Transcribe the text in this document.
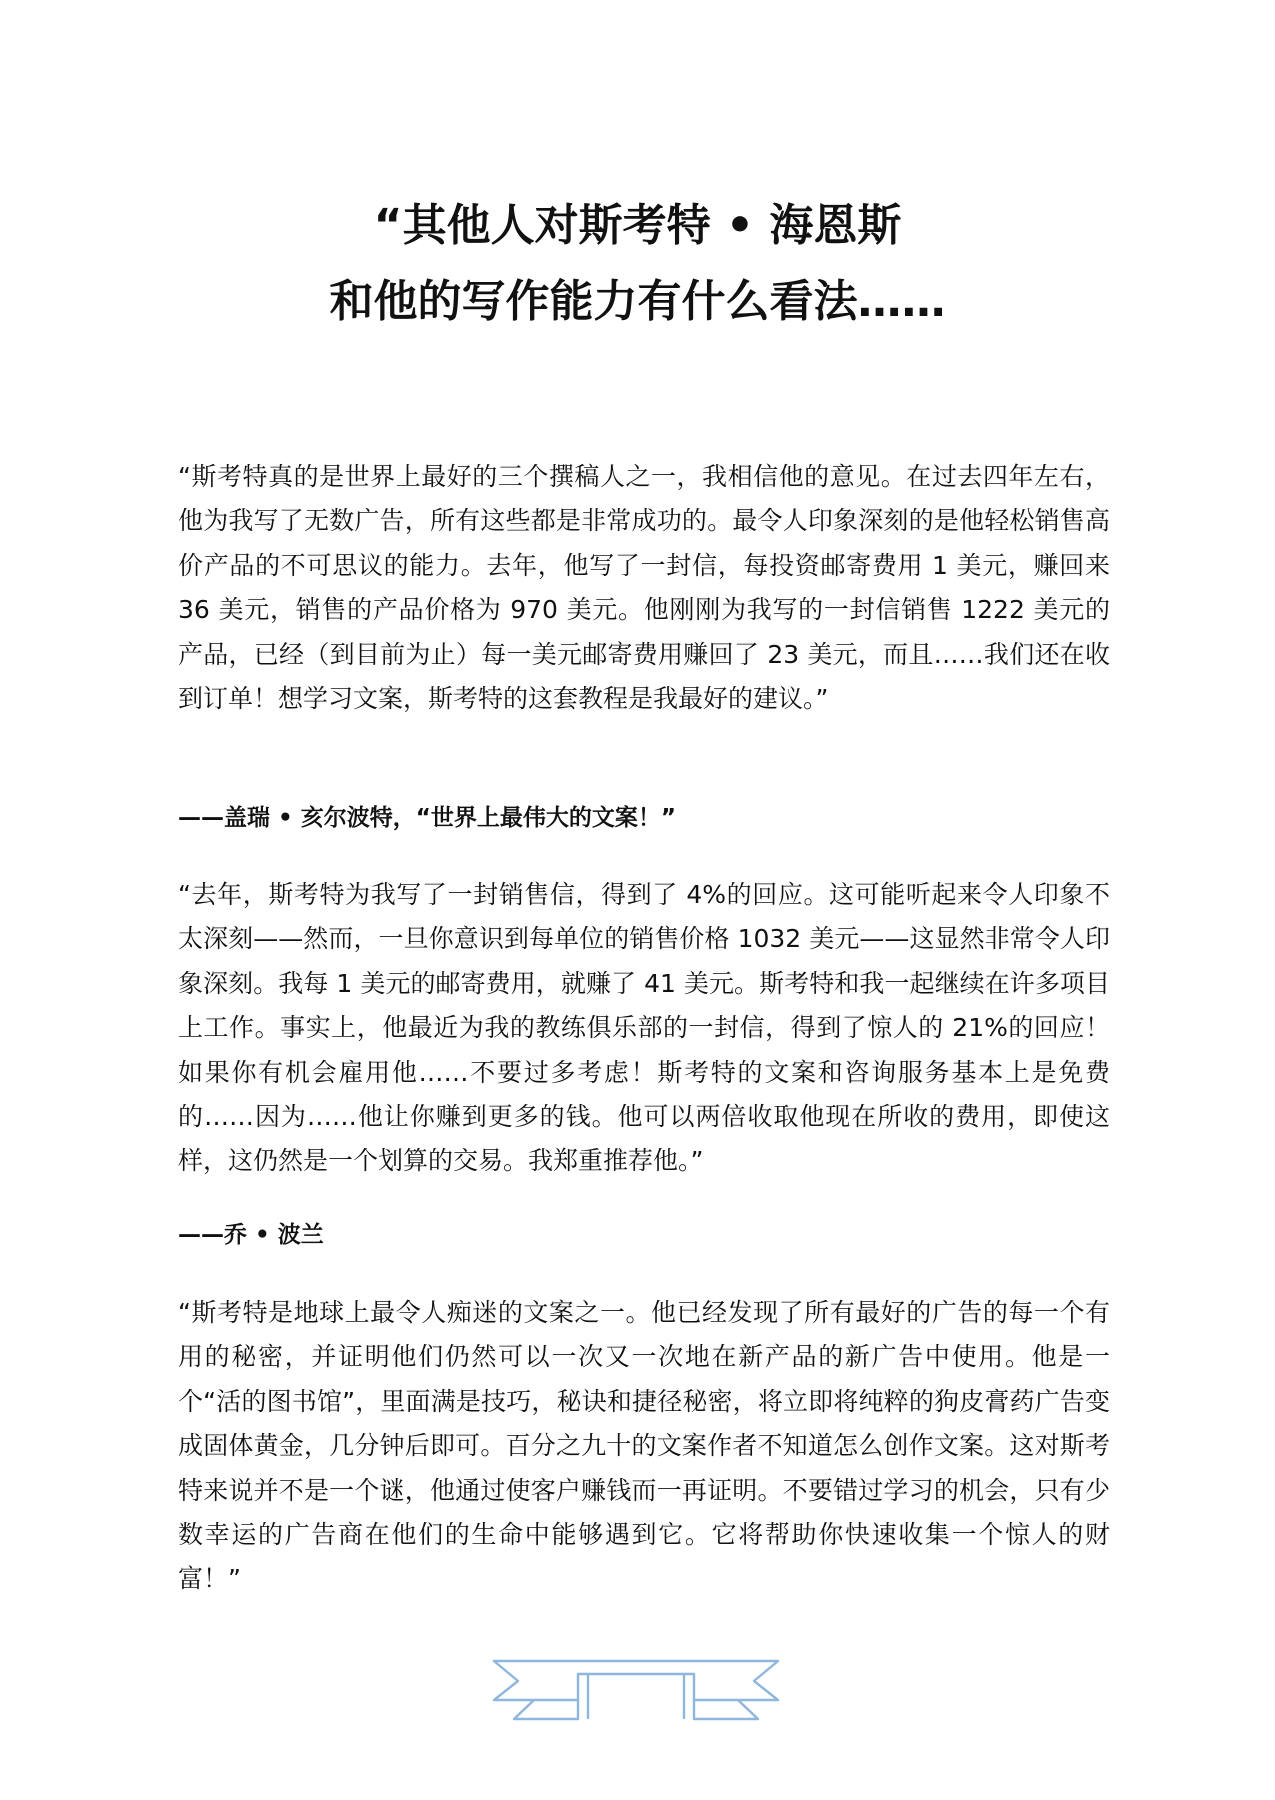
“其他人对斯考特 • 海恩斯
和他的写作能力有什么看法……

“斯考特真的是世界上最好的三个撰稿人之一，我相信他的意见。在过去四年左右，他为我写了无数广告，所有这些都是非常成功的。最令人印象深刻的是他轻松销售高价产品的不可思议的能力。去年，他写了一封信，每投资邮寄费用 1 美元，赚回来 36 美元，销售的产品价格为 970 美元。他刚刚为我写的一封信销售 1222 美元的产品，已经（到目前为止）每一美元邮寄费用赚回了 23 美元，而且……我们还在收到订单！想学习文案，斯考特的这套教程是我最好的建议。”

——盖瑞 • 亥尔波特，“世界上最伟大的文案！”

“去年，斯考特为我写了一封销售信，得到了 4%的回应。这可能听起来令人印象不太深刻——然而，一旦你意识到每单位的销售价格 1032 美元——这显然非常令人印象深刻。我每 1 美元的邮寄费用，就赚了 41 美元。斯考特和我一起继续在许多项目上工作。事实上，他最近为我的教练俱乐部的一封信，得到了惊人的 21%的回应！如果你有机会雇用他……不要过多考虑！斯考特的文案和咨询服务基本上是免费的……因为……他让你赚到更多的钱。他可以两倍收取他现在所收的费用，即使这样，这仍然是一个划算的交易。我郑重推荐他。”

——乔 • 波兰

“斯考特是地球上最令人痴迷的文案之一。他已经发现了所有最好的广告的每一个有用的秘密，并证明他们仍然可以一次又一次地在新产品的新广告中使用。他是一个“活的图书馆”，里面满是技巧，秘诀和捷径秘密，将立即将纯粹的狗皮膏药广告变成固体黄金，几分钟后即可。百分之九十的文案作者不知道怎么创作文案。这对斯考特来说并不是一个谜，他通过使客户赚钱而一再证明。不要错过学习的机会，只有少数幸运的广告商在他们的生命中能够遇到它。它将帮助你快速收集一个惊人的财富！”
